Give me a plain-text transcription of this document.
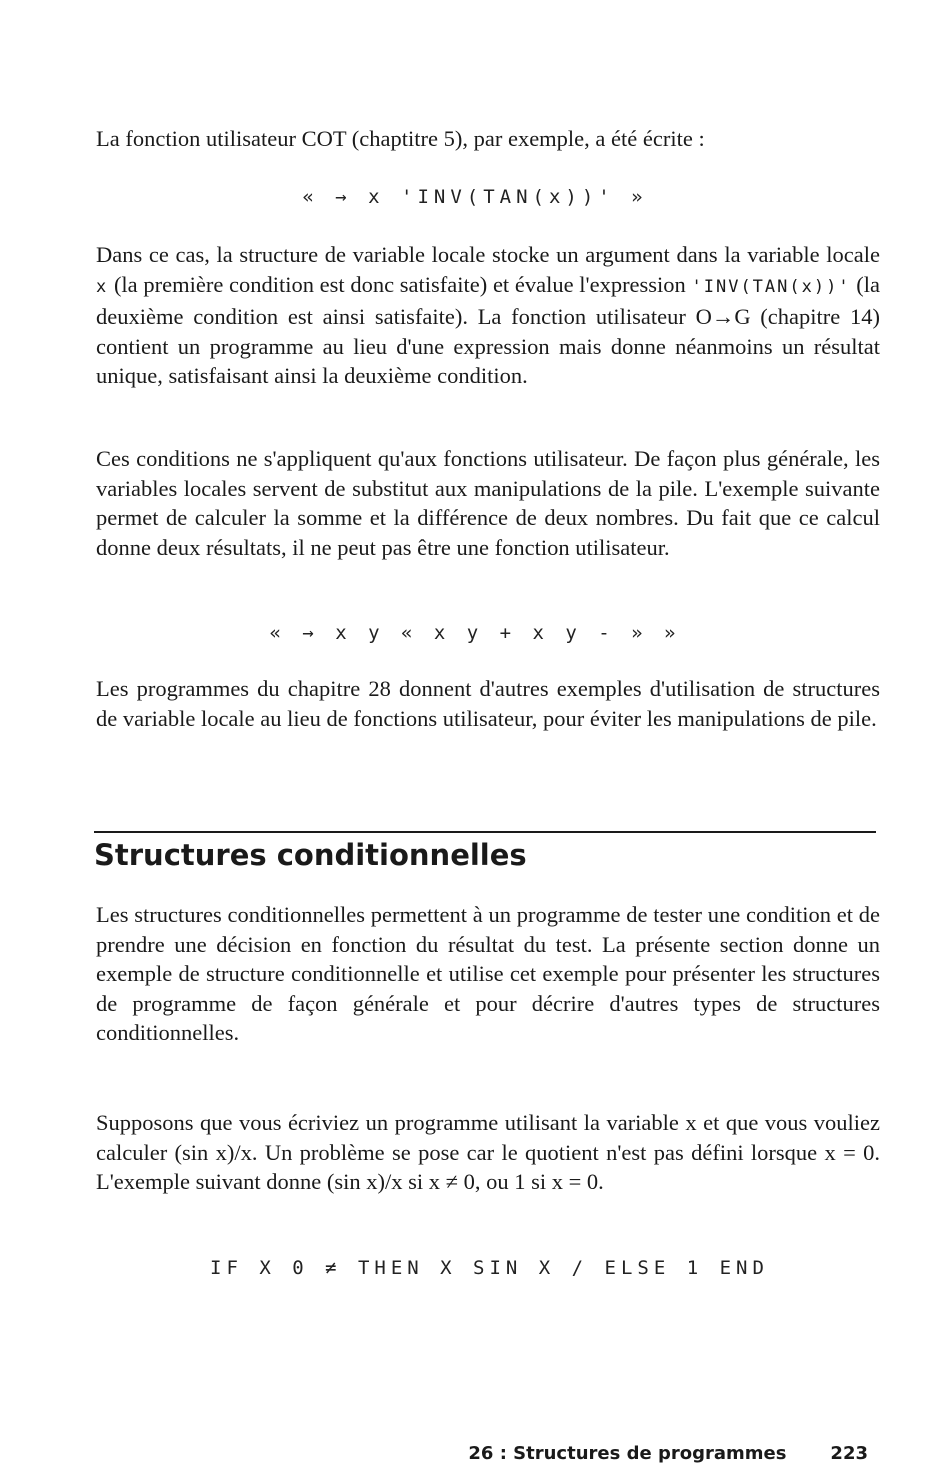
La fonction utilisateur COT (chaptitre 5), par exemple, a été écrite :

« → x 'INV(TAN(x))' »

Dans ce cas, la structure de variable locale stocke un argument dans la variable locale x (la première condition est donc satisfaite) et évalue l'expression 'INV(TAN(x))' (la deuxième condition est ainsi satisfaite). La fonction utilisateur O→G (chapitre 14) contient un programme au lieu d'une expression mais donne néanmoins un résultat unique, satisfaisant ainsi la deuxième condition.

Ces conditions ne s'appliquent qu'aux fonctions utilisateur. De façon plus générale, les variables locales servent de substitut aux manipulations de la pile. L'exemple suivante permet de calculer la somme et la différence de deux nombres. Du fait que ce calcul donne deux résultats, il ne peut pas être une fonction utilisateur.

« → x y « x y + x y - » »

Les programmes du chapitre 28 donnent d'autres exemples d'utilisation de structures de variable locale au lieu de fonctions utilisateur, pour éviter les manipulations de pile.

Structures conditionnelles

Les structures conditionnelles permettent à un programme de tester une condition et de prendre une décision en fonction du résultat du test. La présente section donne un exemple de structure conditionnelle et utilise cet exemple pour présenter les structures de programme de façon générale et pour décrire d'autres types de structures conditionnelles.

Supposons que vous écriviez un programme utilisant la variable x et que vous vouliez calculer (sin x)/x. Un problème se pose car le quotient n'est pas défini lorsque x = 0. L'exemple suivant donne (sin x)/x si x ≠ 0, ou 1 si x = 0.

IF X 0 ≠ THEN X SIN X / ELSE 1 END
26 : Structures de programmes 223
